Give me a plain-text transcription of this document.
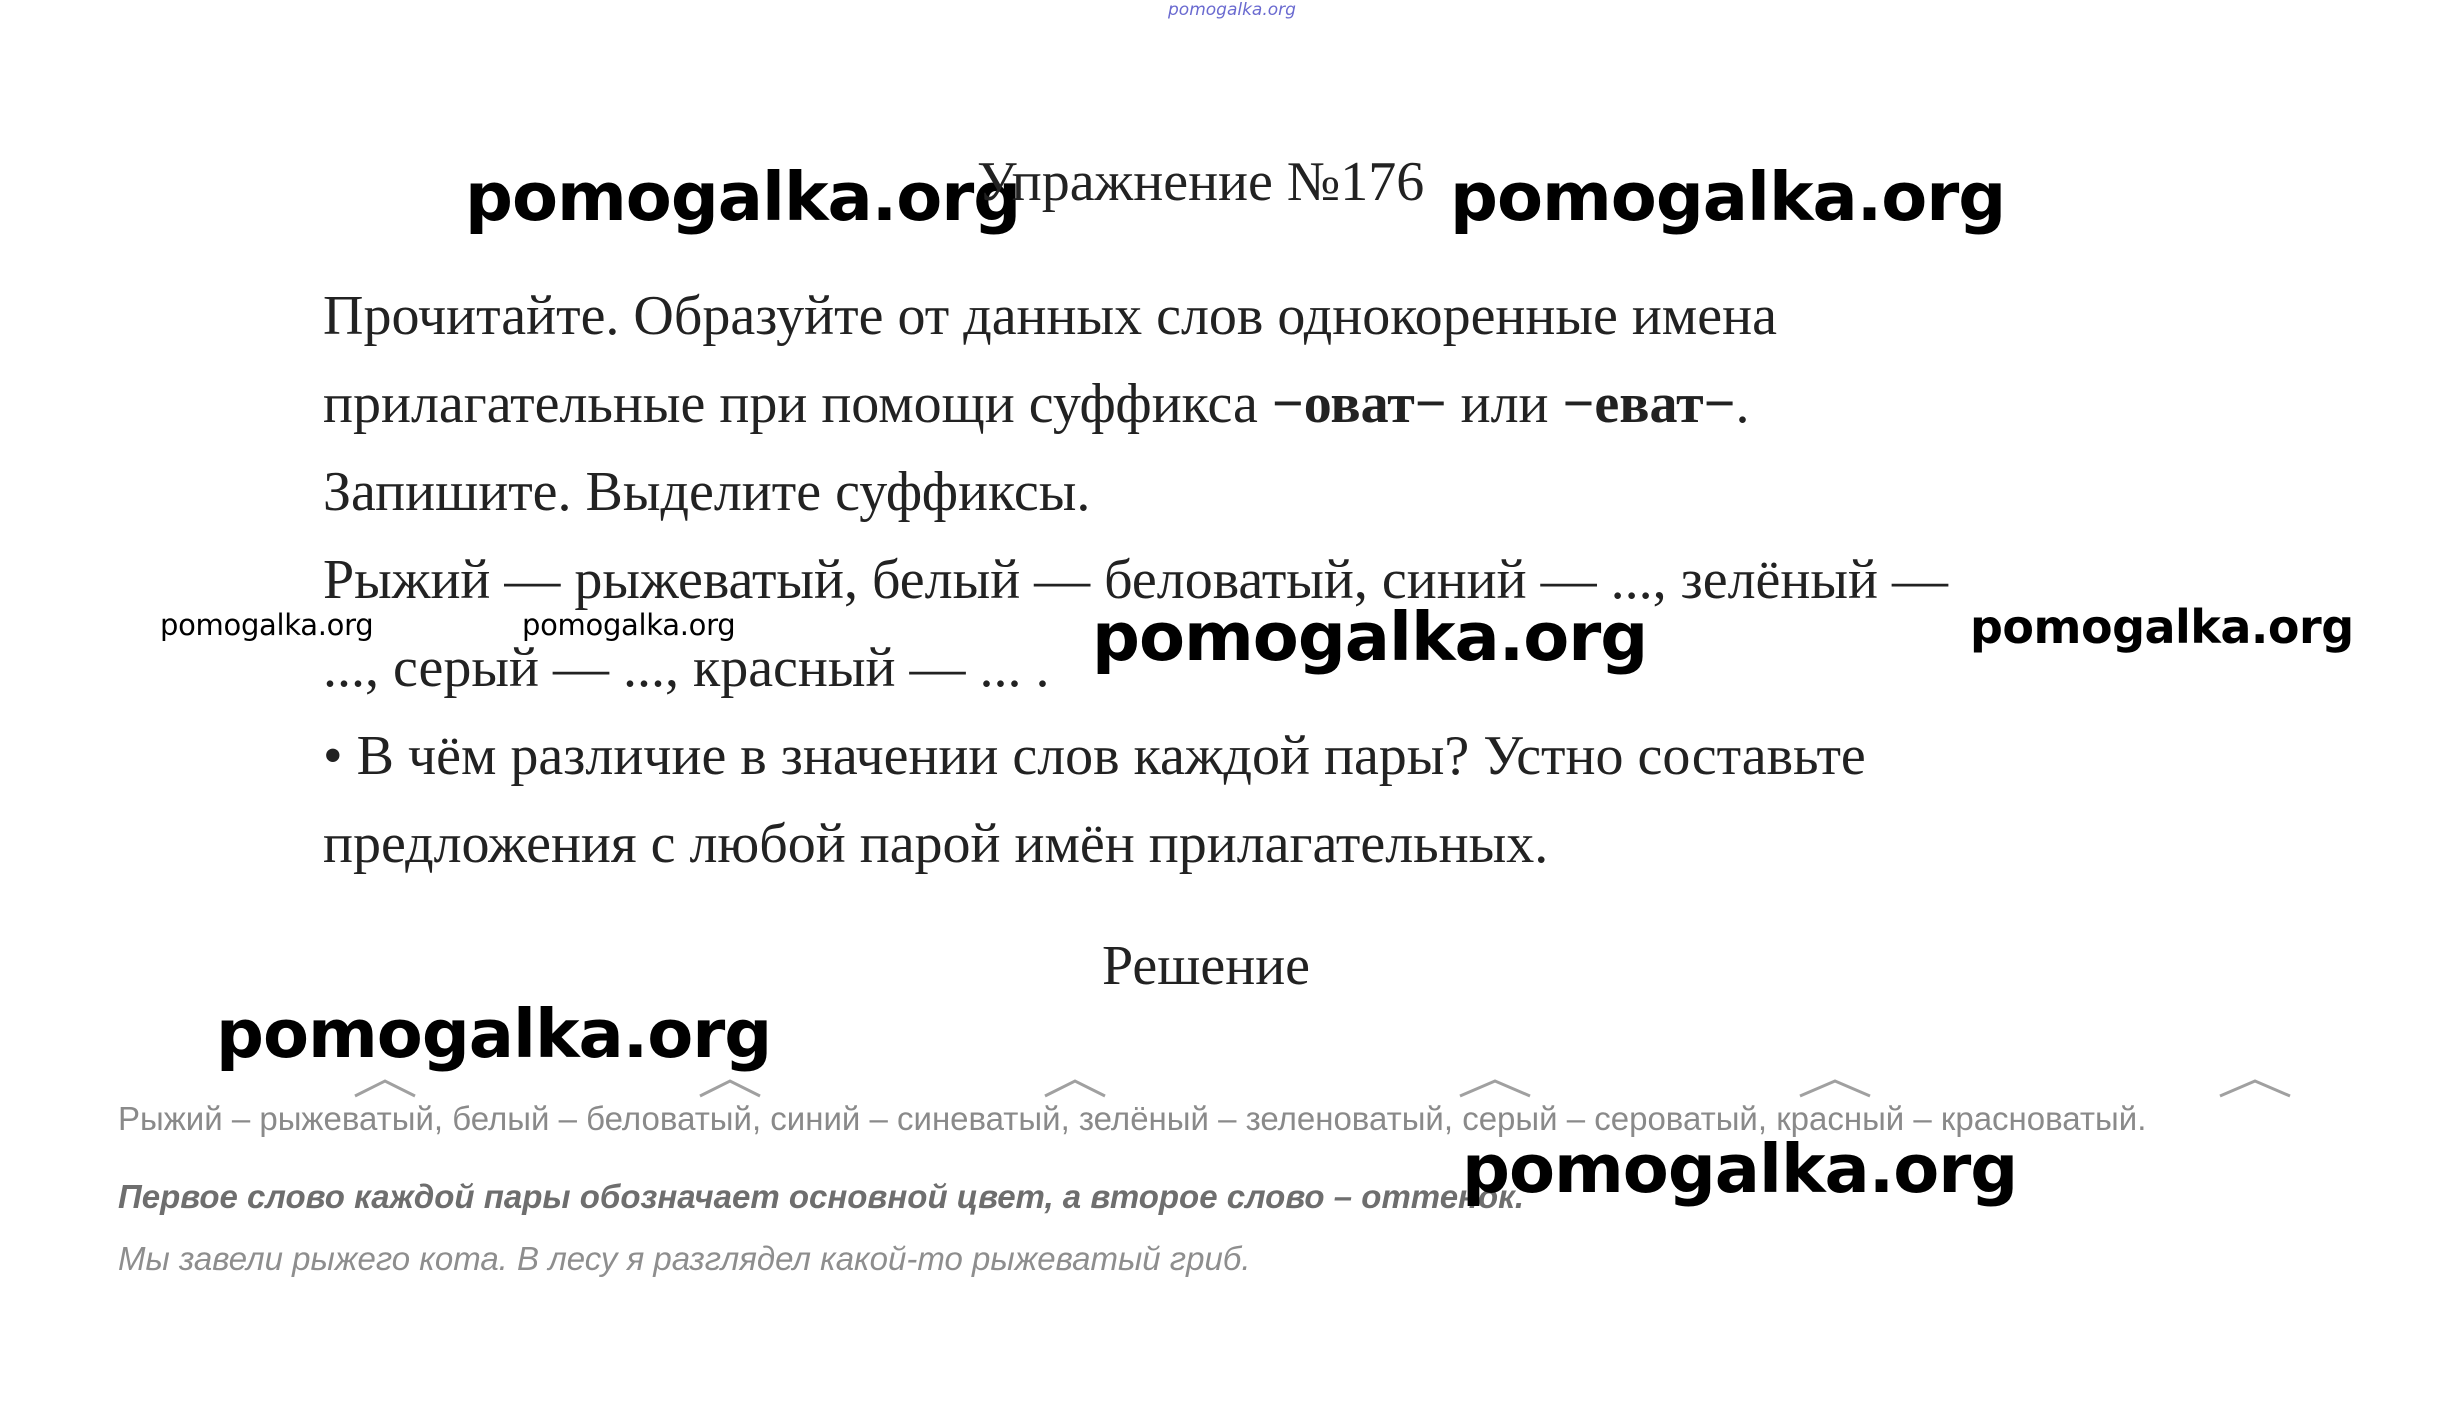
pomogalka.org
pomogalka.org
Упражнение №176 pomogalka.org
Прочитайте. Образуйте от данных слов однокоренные имена
прилагательные при помощи суффикса −оват− или −еват−.
Запишите. Выделите суффиксы.
Рыжий — рыжеватый, белый — беловатый, синий — ..., зелёный —
pomogalka.org	pomogalka.org	pomogalka.org
..., серый — ..., красный — ... . pomogalka.org
• В чём различие в значении слов каждой пары? Устно составьте
предложения с любой парой имён прилагательных.
Решение
pomogalka.org
Рыжий – рыжеватый, белый – беловатый, синий – синеватый, зелёный – зеленоватый, серый – сероватый, красный – красноватый.
Первое слово каждой пары обозначает основной цвет, а второе слово – оттенок.
pomogalka.org
Мы завели рыжего кота. В лесу я разглядел какой-то рыжеватый гриб.
